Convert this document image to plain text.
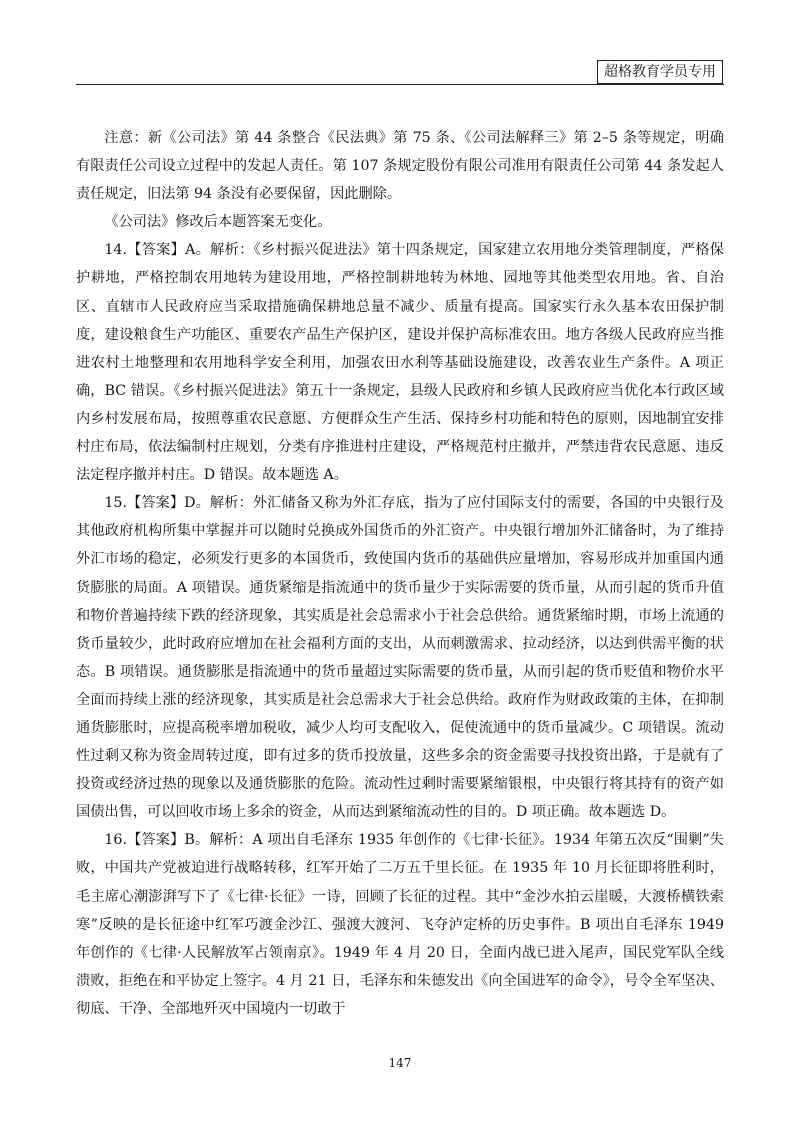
超格教育学员专用

注意：新《公司法》第 44 条整合《民法典》第 75 条、《公司法解释三》第 2–5 条等规定，明确有限责任公司设立过程中的发起人责任。第 107 条规定股份有限公司准用有限责任公司第 44 条发起人责任规定，旧法第 94 条没有必要保留，因此删除。

《公司法》修改后本题答案无变化。

14.【答案】A。解析：《乡村振兴促进法》第十四条规定，国家建立农用地分类管理制度，严格保护耕地，严格控制农用地转为建设用地，严格控制耕地转为林地、园地等其他类型农用地。省、自治区、直辖市人民政府应当采取措施确保耕地总量不减少、质量有提高。国家实行永久基本农田保护制度，建设粮食生产功能区、重要农产品生产保护区，建设并保护高标准农田。地方各级人民政府应当推进农村土地整理和农用地科学安全利用，加强农田水利等基础设施建设，改善农业生产条件。A 项正确，BC 错误。《乡村振兴促进法》第五十一条规定，县级人民政府和乡镇人民政府应当优化本行政区域内乡村发展布局，按照尊重农民意愿、方便群众生产生活、保持乡村功能和特色的原则，因地制宜安排村庄布局，依法编制村庄规划，分类有序推进村庄建设，严格规范村庄撤并，严禁违背农民意愿、违反法定程序撤并村庄。D 错误。故本题选 A。

15.【答案】D。解析：外汇储备又称为外汇存底，指为了应付国际支付的需要，各国的中央银行及其他政府机构所集中掌握并可以随时兑换成外国货币的外汇资产。中央银行增加外汇储备时，为了维持外汇市场的稳定，必须发行更多的本国货币，致使国内货币的基础供应量增加，容易形成并加重国内通货膨胀的局面。A 项错误。通货紧缩是指流通中的货币量少于实际需要的货币量，从而引起的货币升值和物价普遍持续下跌的经济现象，其实质是社会总需求小于社会总供给。通货紧缩时期，市场上流通的货币量较少，此时政府应增加在社会福利方面的支出，从而刺激需求、拉动经济，以达到供需平衡的状态。B 项错误。通货膨胀是指流通中的货币量超过实际需要的货币量，从而引起的货币贬值和物价水平全面而持续上涨的经济现象，其实质是社会总需求大于社会总供给。政府作为财政政策的主体，在抑制通货膨胀时，应提高税率增加税收，减少人均可支配收入，促使流通中的货币量减少。C 项错误。流动性过剩又称为资金周转过度，即有过多的货币投放量，这些多余的资金需要寻找投资出路，于是就有了投资或经济过热的现象以及通货膨胀的危险。流动性过剩时需要紧缩银根，中央银行将其持有的资产如国债出售，可以回收市场上多余的资金，从而达到紧缩流动性的目的。D 项正确。故本题选 D。

16.【答案】B。解析：A 项出自毛泽东 1935 年创作的《七律·长征》。1934 年第五次反“围剿”失败，中国共产党被迫进行战略转移，红军开始了二万五千里长征。在 1935 年 10 月长征即将胜利时，毛主席心潮澎湃写下了《七律·长征》一诗，回顾了长征的过程。其中“金沙水拍云崖暖，大渡桥横铁索寒”反映的是长征途中红军巧渡金沙江、强渡大渡河、飞夺泸定桥的历史事件。B 项出自毛泽东 1949 年创作的《七律·人民解放军占领南京》。1949 年 4 月 20 日，全面内战已进入尾声，国民党军队全线溃败，拒绝在和平协定上签字。4 月 21 日，毛泽东和朱德发出《向全国进军的命令》，号令全军坚决、彻底、干净、全部地歼灭中国境内一切敢于

147
